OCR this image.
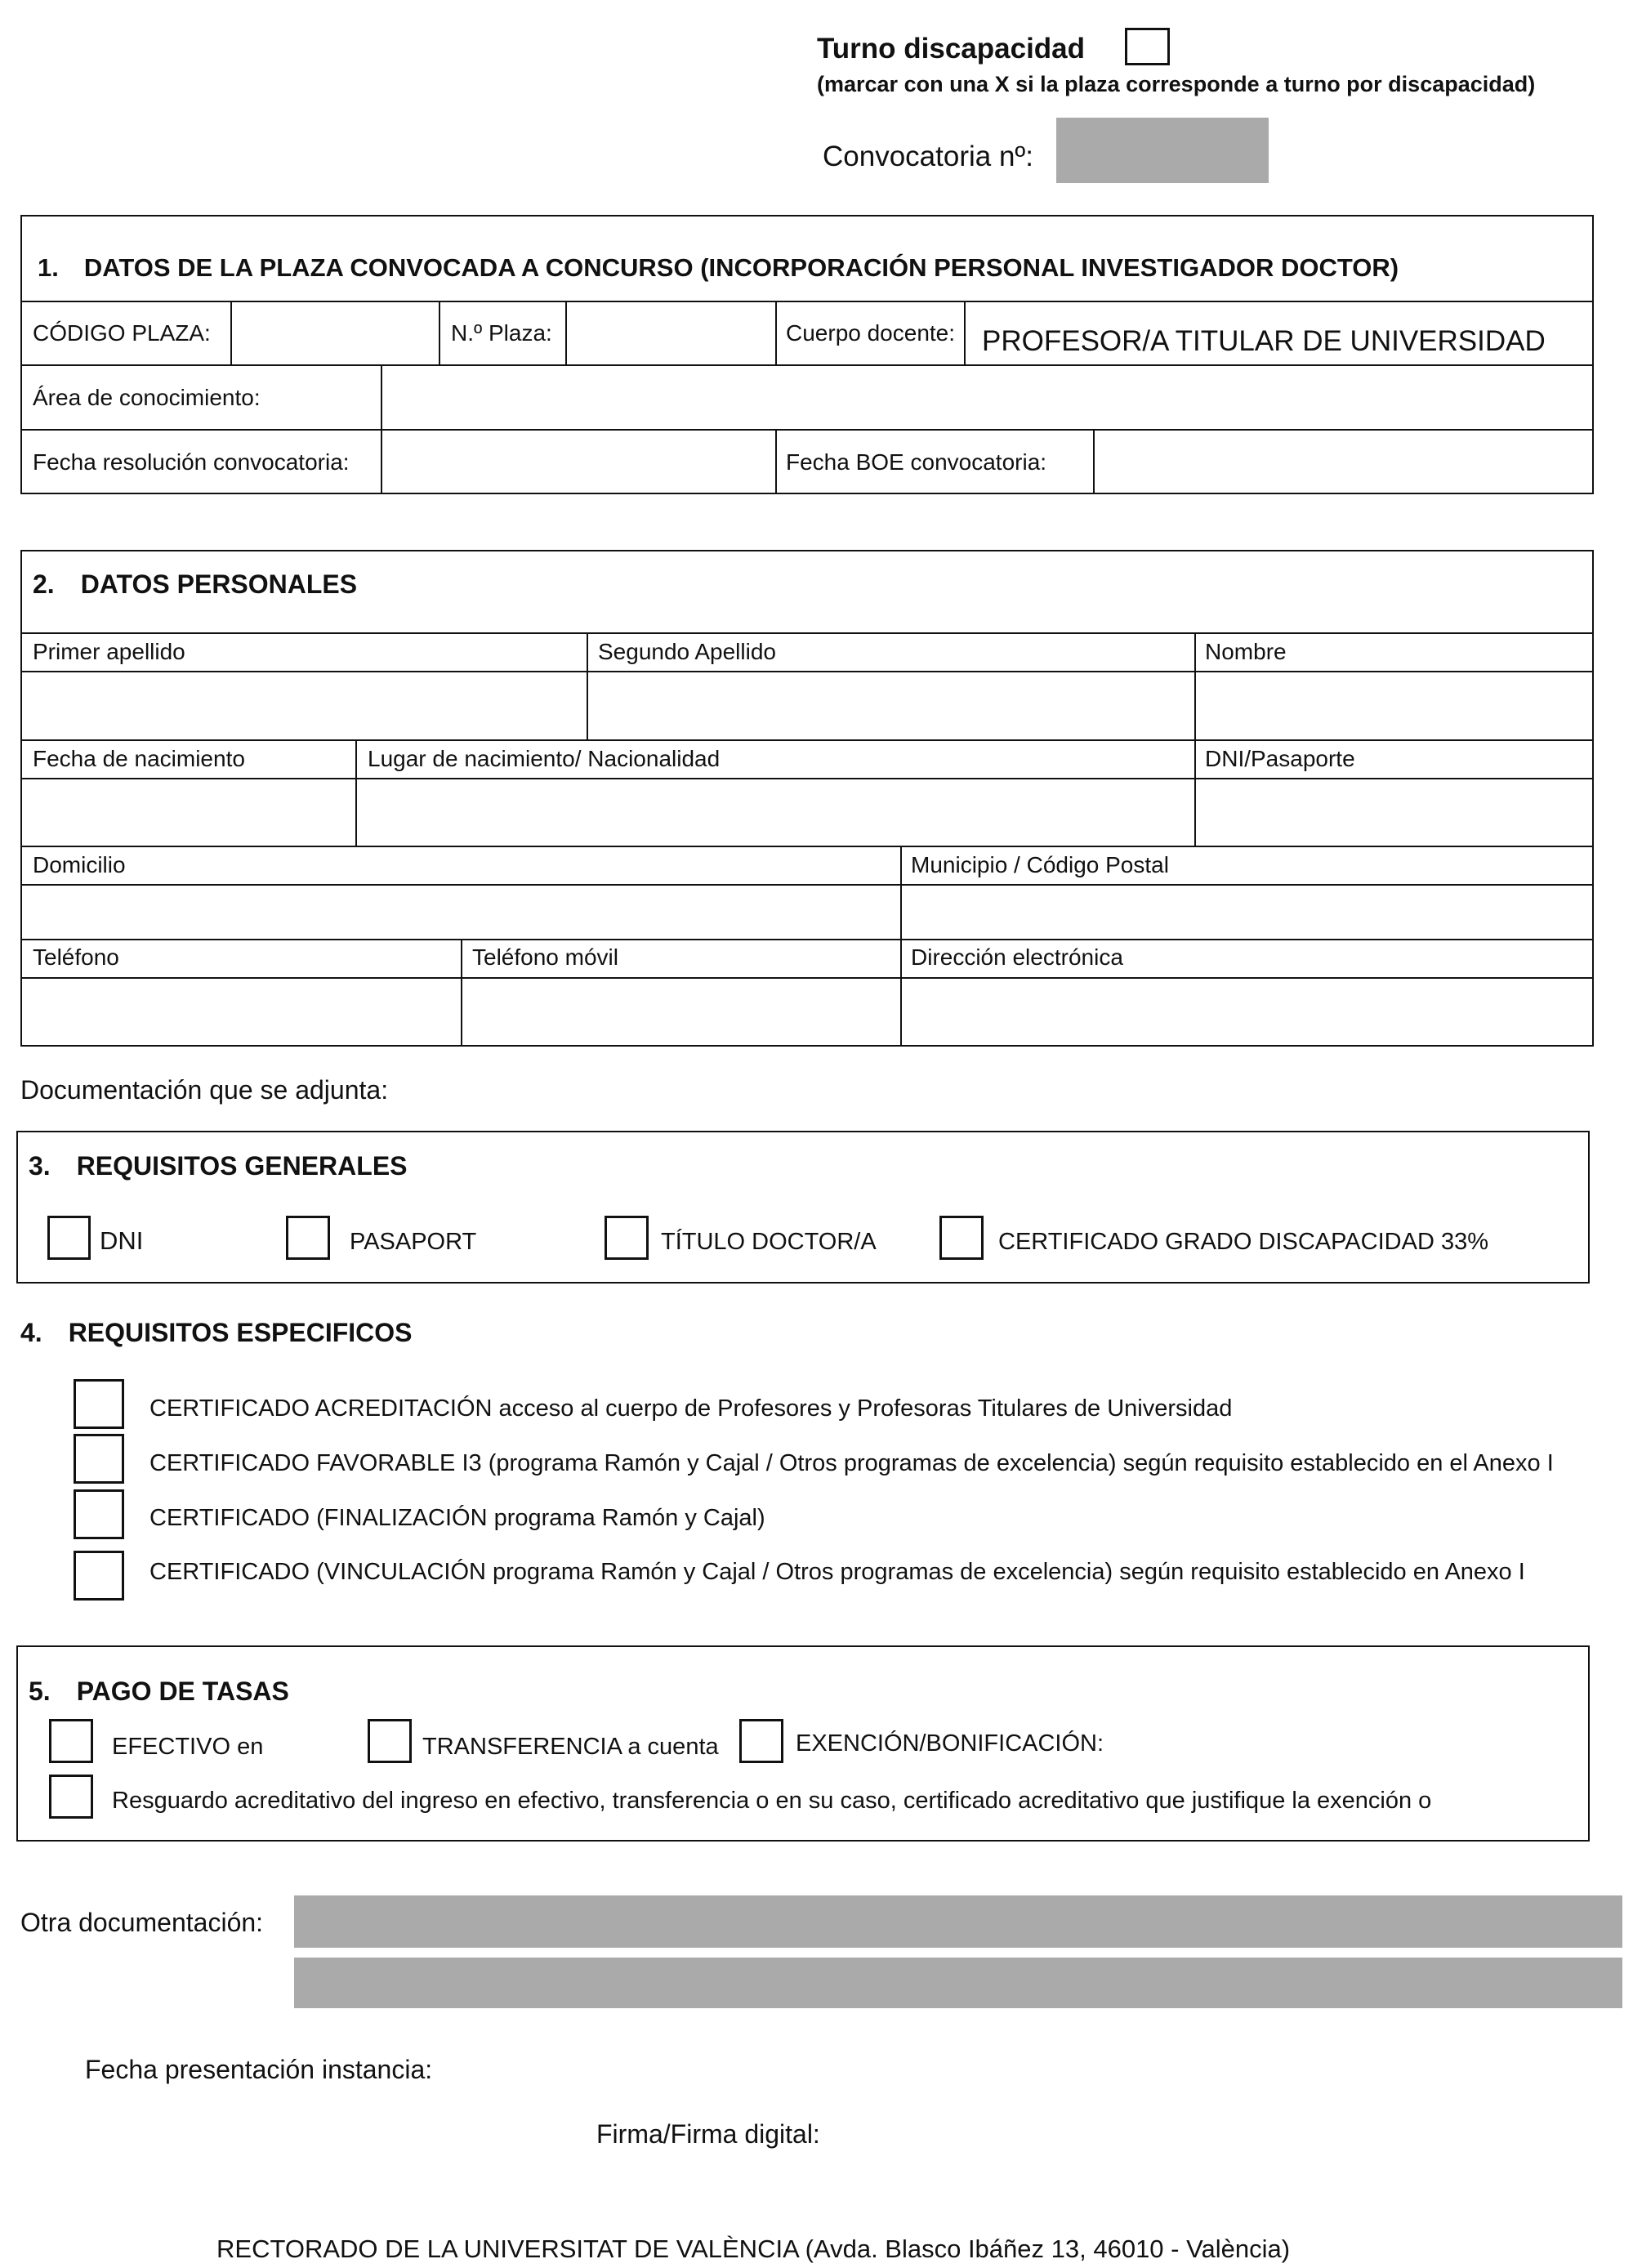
Turno discapacidad
(marcar con una X si la plaza corresponde a turno por discapacidad)
Convocatoria nº:
1. DATOS DE LA PLAZA CONVOCADA A CONCURSO (INCORPORACIÓN PERSONAL INVESTIGADOR DOCTOR)
CÓDIGO PLAZA:	N.º Plaza:	Cuerpo docente: PROFESOR/A TITULAR DE UNIVERSIDAD
Área de conocimiento:
Fecha resolución convocatoria:	Fecha BOE convocatoria:
2. DATOS PERSONALES
Primer apellido	Segundo Apellido	Nombre
Fecha de nacimiento	Lugar de nacimiento/ Nacionalidad	DNI/Pasaporte
Domicilio	Municipio / Código Postal
Teléfono	Teléfono móvil	Dirección electrónica
Documentación que se adjunta:
3. REQUISITOS GENERALES
DNI	PASAPORT	TÍTULO DOCTOR/A	CERTIFICADO GRADO DISCAPACIDAD 33%
4. REQUISITOS ESPECIFICOS
CERTIFICADO ACREDITACIÓN acceso al cuerpo de Profesores y Profesoras Titulares de Universidad
CERTIFICADO FAVORABLE I3 (programa Ramón y Cajal / Otros programas de excelencia) según requisito establecido en el Anexo I
CERTIFICADO (FINALIZACIÓN programa Ramón y Cajal)
CERTIFICADO (VINCULACIÓN programa Ramón y Cajal / Otros programas de excelencia) según requisito establecido en Anexo I
5. PAGO DE TASAS
EFECTIVO en	TRANSFERENCIA a cuenta	EXENCIÓN/BONIFICACIÓN:
Resguardo acreditativo del ingreso en efectivo, transferencia o en su caso, certificado acreditativo que justifique la exención o
Otra documentación:
Fecha presentación instancia:
Firma/Firma digital:
RECTORADO DE LA UNIVERSITAT DE VALÈNCIA (Avda. Blasco Ibáñez 13, 46010 - València)
